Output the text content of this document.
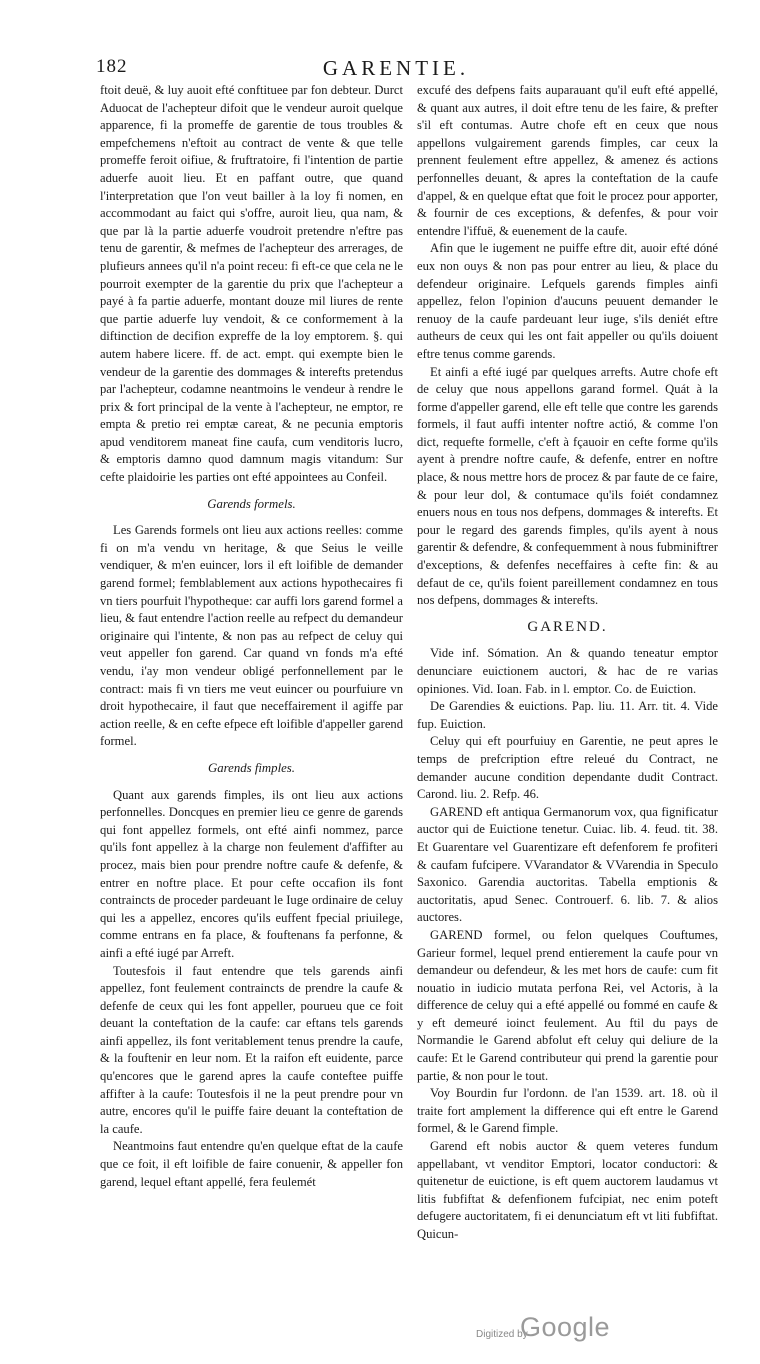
182	GARENTIE.

ftoit deuë, & luy auoit efté conftituee par fon debteur. Durct Aduocat de l'achepteur difoit que le vendeur auroit quelque apparence, fi la promeffe de garentie de tous troubles & empefchemens n'eftoit au contract de vente & que telle promeffe feroit oifiue, & fruftratoire, fi l'intention de partie aduerfe auoit lieu. Et en paffant outre, que quand l'interpretation que l'on veut bailler à la loy fi nomen, en accommodant au faict qui s'offre, auroit lieu, qua nam, & que par là la partie aduerfe voudroit pretendre n'eftre pas tenu de garentir, & mefmes de l'achepteur des arrerages, de plufieurs annees qu'il n'a point receu: fi eft-ce que cela ne le pourroit exempter de la garentie du prix que l'achepteur a payé à fa partie aduerfe, montant douze mil liures de rente que partie aduerfe luy vendoit, & ce conformement à la diftinction de decifion expreffe de la loy emptorem. §. qui autem habere licere. ff. de act. empt. qui exempte bien le vendeur de la garentie des dommages & interefts pretendus par l'achepteur, codamne neantmoins le vendeur à rendre le prix & fort principal de la vente à l'achepteur, ne emptor, re empta & pretio rei emptæ careat, & ne pecunia emptoris apud venditorem maneat fine caufa, cum venditoris lucro, & emptoris damno quod damnum magis vitandum: Sur cefte plaidoirie les parties ont efté appointees au Confeil.

Garends formels.

Les Garends formels ont lieu aux actions reelles: comme fi on m'a vendu vn heritage, & que Seius le veille vendiquer, & m'en euincer, lors il eft loifible de demander garend formel; femblablement aux actions hypothecaires fi vn tiers pourfuit l'hypotheque: car auffi lors garend formel a lieu, & faut entendre l'action reelle au refpect du demandeur originaire qui l'intente, & non pas au refpect de celuy qui veut appeller fon garend. Car quand vn fonds m'a efté vendu, i'ay mon vendeur obligé perfonnellement par le contract: mais fi vn tiers me veut euincer ou pourfuiure vn droit hypothecaire, il faut que neceffairement il agiffe par action reelle, & en cefte efpece eft loifible d'appeller garend formel.

Garends fimples.

Quant aux garends fimples, ils ont lieu aux actions perfonnelles. Doncques en premier lieu ce genre de garends qui font appellez formels, ont efté ainfi nommez, parce qu'ils font appellez à la charge non feulement d'affifter au procez, mais bien pour prendre noftre caufe & defenfe, & entrer en noftre place. Et pour cefte occafion ils font contraincts de proceder pardeuant le Iuge ordinaire de celuy qui les a appellez, encores qu'ils euffent fpecial priuilege, comme entrans en fa place, & fouftenans fa perfonne, & ainfi a efté iugé par Arreft.

Toutesfois il faut entendre que tels garends ainfi appellez, font feulement contraincts de prendre la caufe & defenfe de ceux qui les font appeller, pourueu que ce foit deuant la conteftation de la caufe: car eftans tels garends ainfi appellez, ils font veritablement tenus prendre la caufe, & la fouftenir en leur nom. Et la raifon eft euidente, parce qu'encores que le garend apres la caufe conteftee puiffe affifter à la caufe: Toutesfois il ne la peut prendre pour vn autre, encores qu'il le puiffe faire deuant la conteftation de la caufe.

Neantmoins faut entendre qu'en quelque eftat de la caufe que ce foit, il eft loifible de faire conuenir, & appeller fon garend, lequel eftant appellé, fera feulemét

excufé des defpens faits auparauant qu'il euft efté appellé, & quant aux autres, il doit eftre tenu de les faire, & prefter s'il eft contumas. Autre chofe eft en ceux que nous appellons vulgairement garends fimples, car ceux la prennent feulement eftre appellez, & amenez és actions perfonnelles deuant, & apres la conteftation de la caufe d'appel, & en quelque eftat que foit le procez pour apporter, & fournir de ces exceptions, & defenfes, & pour voir entendre l'iffuë, & euenement de la caufe.

Afin que le iugement ne puiffe eftre dit, auoir efté dóné eux non ouys & non pas pour entrer au lieu, & place du defendeur originaire. Lefquels garends fimples ainfi appellez, felon l'opinion d'aucuns peuuent demander le renuoy de la caufe pardeuant leur iuge, s'ils deniét eftre autheurs de ceux qui les ont fait appeller ou qu'ils doiuent eftre tenus comme garends.

Et ainfi a efté iugé par quelques arrefts. Autre chofe eft de celuy que nous appellons garand formel. Quát à la forme d'appeller garend, elle eft telle que contre les garends formels, il faut auffi intenter noftre actió, & comme l'on dict, requefte formelle, c'eft à fçauoir en cefte forme qu'ils ayent à prendre noftre caufe, & defenfe, entrer en noftre place, & nous mettre hors de procez & par faute de ce faire, & pour leur dol, & contumace qu'ils foiét condamnez enuers nous en tous nos defpens, dommages & interefts. Et pour le regard des garends fimples, qu'ils ayent à nous garentir & defendre, & confequemment à nous fubminiftrer d'exceptions, & defenfes neceffaires à cefte fin: & au defaut de ce, qu'ils foient pareillement condamnez en tous nos defpens, dommages & interefts.

GAREND.

Vide inf. Sómation. An & quando teneatur emptor denunciare euictionem auctori, & hac de re varias opiniones. Vid. Ioan. Fab. in l. emptor. Co. de Euiction.

De Garendies & euictions. Pap. liu. 11. Arr. tit. 4. Vide fup. Euiction.

Celuy qui eft pourfuiuy en Garentie, ne peut apres le temps de prefcription eftre releué du Contract, ne demander aucune condition dependante dudit Contract. Carond. liu. 2. Refp. 46.

GAREND eft antiqua Germanorum vox, qua fignificatur auctor qui de Euictione tenetur. Cuiac. lib. 4. feud. tit. 38. Et Guarentare vel Guarentizare eft defenforem fe profiteri & caufam fufcipere. VVarandator & VVarendia in Speculo Saxonico. Garendia auctoritas. Tabella emptionis & auctoritatis, apud Senec. Controuerf. 6. lib. 7. & alios auctores.

GAREND formel, ou felon quelques Couftumes, Garieur formel, lequel prend entierement la caufe pour vn demandeur ou defendeur, & les met hors de caufe: cum fit nouatio in iudicio mutata perfona Rei, vel Actoris, à la difference de celuy qui a efté appellé ou fommé en caufe & y eft demeuré ioinct feulement. Au ftil du pays de Normandie le Garend abfolut eft celuy qui deliure de la caufe: Et le Garend contributeur qui prend la garentie pour partie, & non pour le tout.

Voy Bourdin fur l'ordonn. de l'an 1539. art. 18. où il traite fort amplement la difference qui eft entre le Garend formel, & le Garend fimple.

Garend eft nobis auctor & quem veteres fundum appellabant, vt venditor Emptori, locator conductori: & quitenetur de euictione, is eft quem auctorem laudamus vt litis fubfiftat & defenfionem fufcipiat, nec enim poteft defugere auctoritatem, fi ei denunciatum eft vt liti fubfiftat. Quicun-

Digitized by
Google
